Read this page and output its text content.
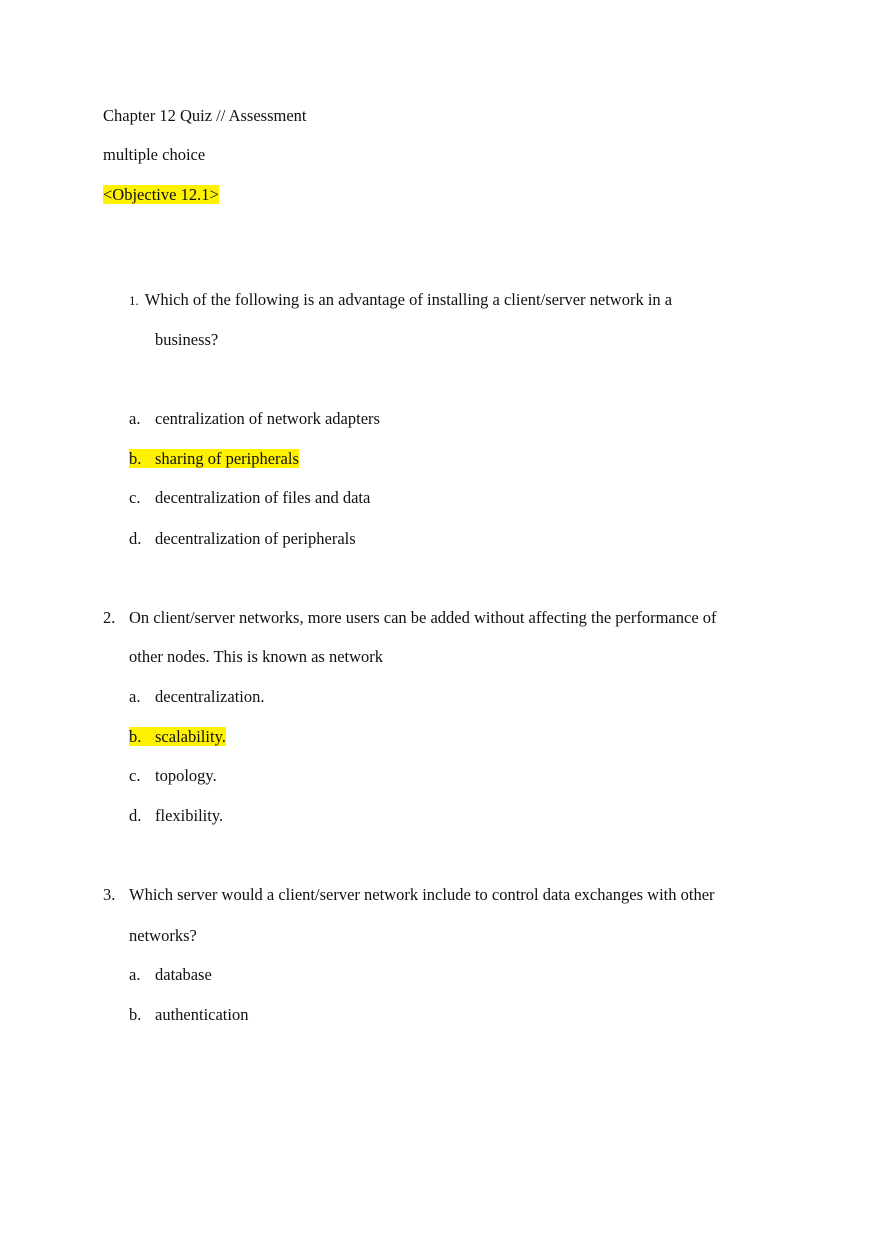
Chapter 12 Quiz // Assessment
multiple choice
<Objective 12.1>
1. Which of the following is an advantage of installing a client/server network in a
business?
a. centralization of network adapters
b. sharing of peripherals
c. decentralization of files and data
d. decentralization of peripherals
2. On client/server networks, more users can be added without affecting the performance of
other nodes. This is known as network
a. decentralization.
b. scalability.
c. topology.
d. flexibility.
3. Which server would a client/server network include to control data exchanges with other
networks?
a. database
b. authentication
